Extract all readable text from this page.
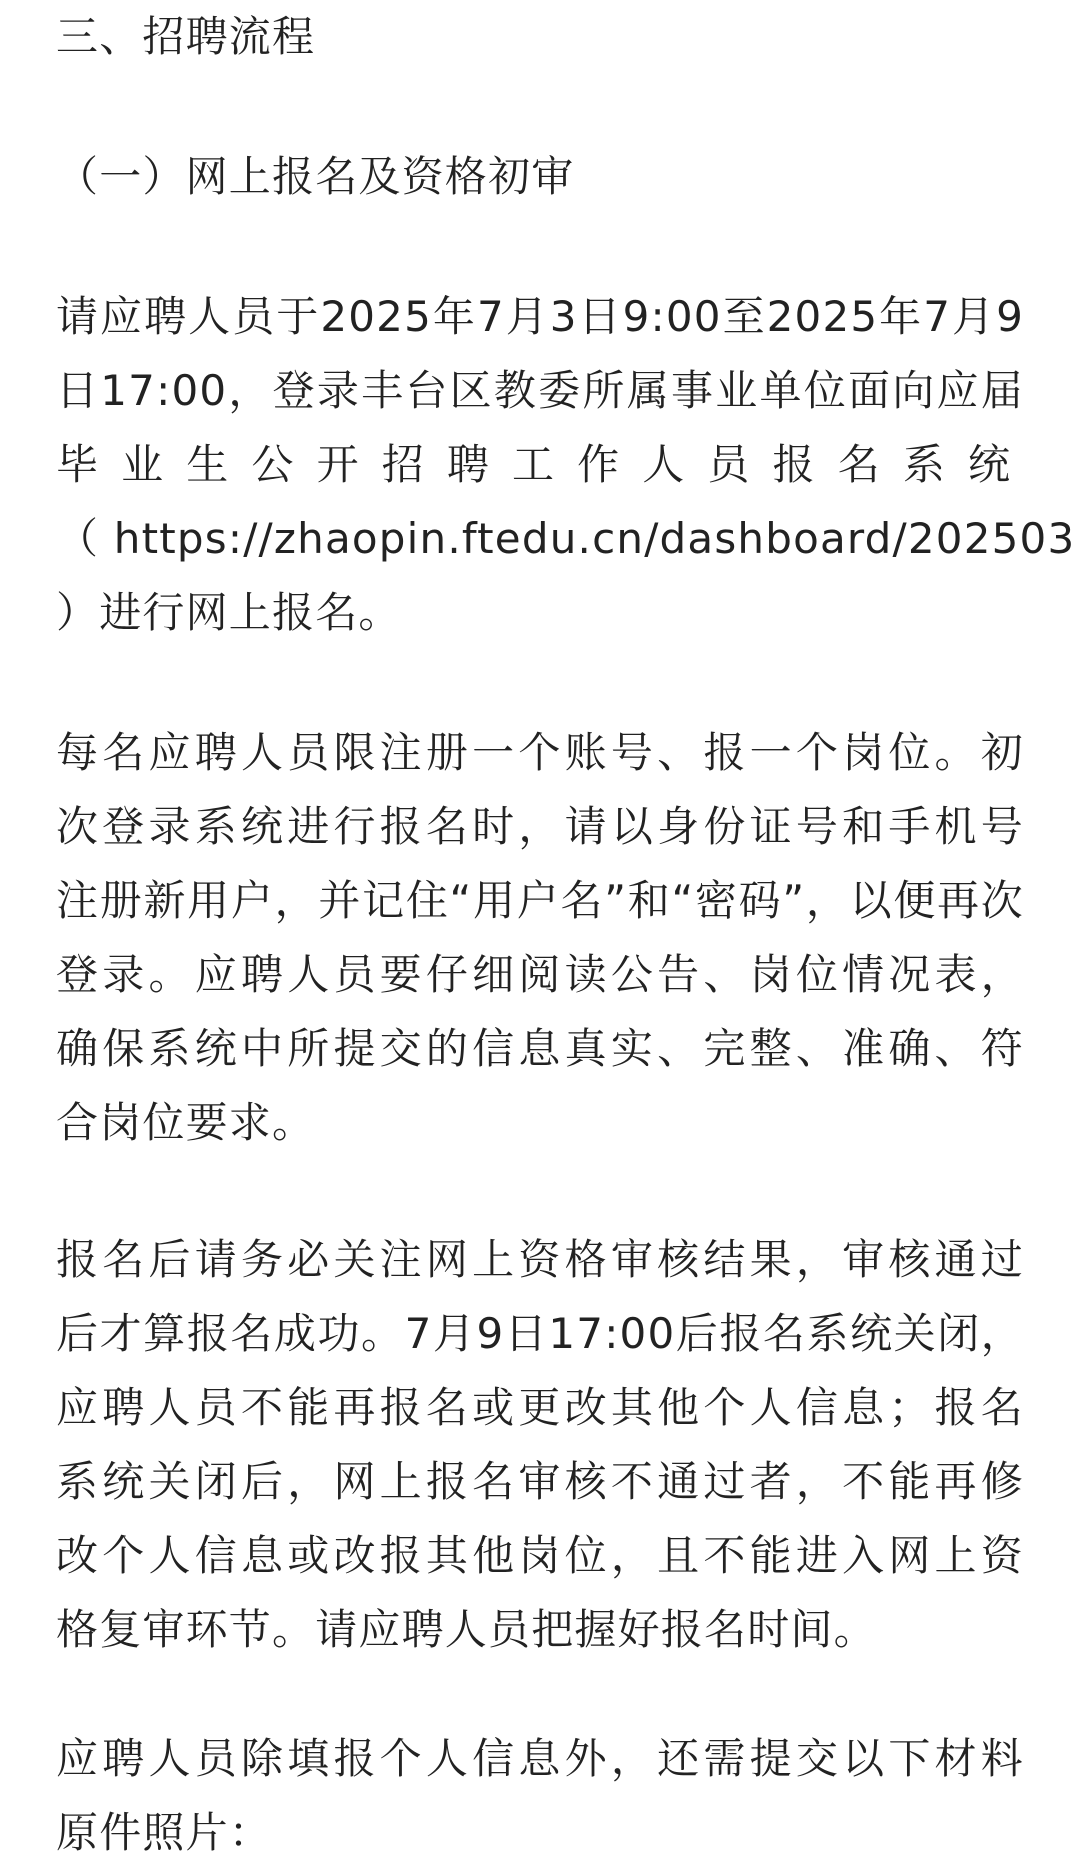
三、招聘流程
（一）网上报名及资格初审
请应聘人员于2025年7月3日9:00至2025年7月9
日17:00，登录丰台区教委所属事业单位面向应届
毕业生公开招聘工作人员报名系统
（ https://zhaopin.ftedu.cn/dashboard/202503
）进行网上报名。
每名应聘人员限注册一个账号、报一个岗位。初
次登录系统进行报名时，请以身份证号和手机号
注册新用户，并记住“用户名”和“密码”，以便再次
登录。应聘人员要仔细阅读公告、岗位情况表，
确保系统中所提交的信息真实、完整、准确、符
合岗位要求。
报名后请务必关注网上资格审核结果，审核通过
后才算报名成功。7月9日17:00后报名系统关闭，
应聘人员不能再报名或更改其他个人信息；报名
系统关闭后，网上报名审核不通过者，不能再修
改个人信息或改报其他岗位，且不能进入网上资
格复审环节。请应聘人员把握好报名时间。
应聘人员除填报个人信息外，还需提交以下材料
原件照片：
